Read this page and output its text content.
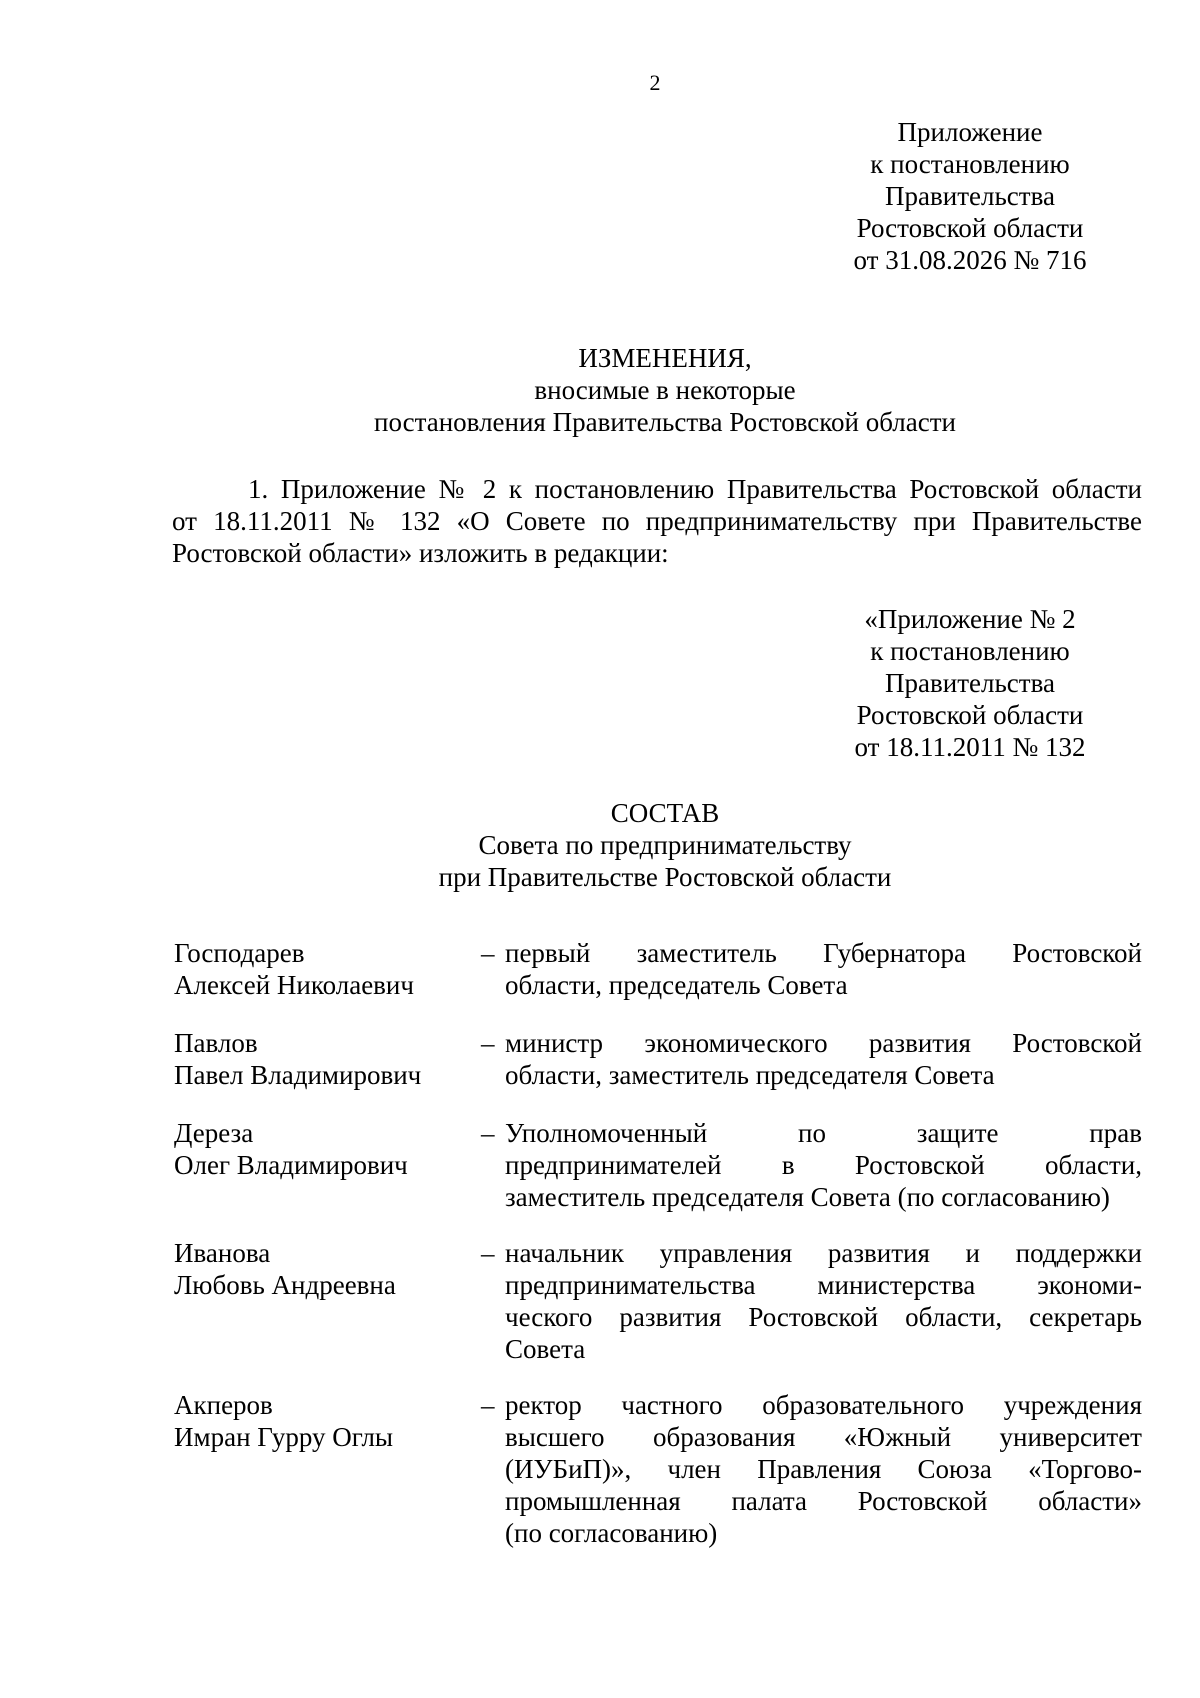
2
Приложение
к постановлению
Правительства
Ростовской области
от 31.08.2026 № 716
ИЗМЕНЕНИЯ,
вносимые в некоторые
постановления Правительства Ростовской области
1. Приложение № 2 к постановлению Правительства Ростовской области
от 18.11.2011 № 132 «О Совете по предпринимательству при Правительстве
Ростовской области» изложить в редакции:
«Приложение № 2
к постановлению
Правительства
Ростовской области
от 18.11.2011 № 132
СОСТАВ
Совета по предпринимательству
при Правительстве Ростовской области
Господарев
Алексей Николаевич
– первый заместитель Губернатора Ростовской
области, председатель Совета
Павлов
Павел Владимирович
– министр экономического развития Ростовской
области, заместитель председателя Совета
Дереза
Олег Владимирович
– Уполномоченный по защите прав
предпринимателей в Ростовской области,
заместитель председателя Совета (по согласованию)
Иванова
Любовь Андреевна
– начальник управления развития и поддержки
предпринимательства министерства экономи-
ческого развития Ростовской области, секретарь
Совета
Акперов
Имран Гурру Оглы
– ректор частного образовательного учреждения
высшего образования «Южный университет
(ИУБиП)», член Правления Союза «Торгово-
промышленная палата Ростовской области»
(по согласованию)
